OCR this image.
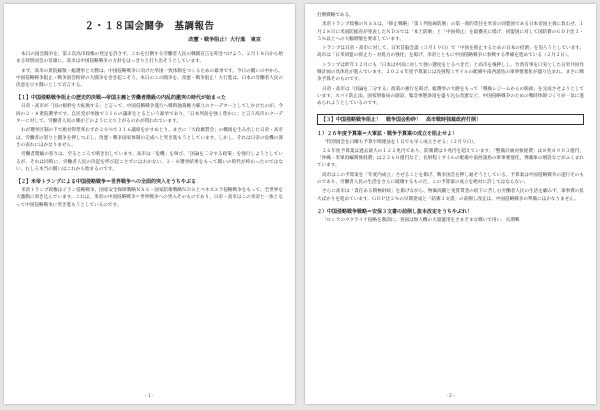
２・１８国会闘争　基調報告
改憲・戦争阻止！大行進　東京

本日の国会闘争を、第２次高市政権の発足を許さず、これを打倒する労働者人民の戦闘宣言を叩きつけよう。２月１８日から始まる特別国会の冒頭に、高市は中国侵略戦争の方針をはっきりと打ち出そうとしています。

まず、高市の衆院解散・総選挙と大勝は、中国侵略戦争に向けた挙国一致体制をつくるための暴挙です。今日の闘いの中から、中国侵略戦争阻止・戦争国会粉砕の大闘争を巻き起こそう。本日のこの闘争を、改憲・戦争阻止！大行進は、日本の労働者人民の決意を示す闘いとして宣言する。

【１】中国侵略戦争阻止の歴史的決戦―帝国主義と労働者階級の内乱的激突の時代が始まった

日帝・高市が「国の根幹を大転換する」と言って、中国侵略戦争遂行へ戦時独裁権力確立のクーデターとしてしかけたのが、今回の２・８衆院選挙です。自民党が単独で３１６の議席をとるという暴挙であり、「日本列島を強く豊かに」と言う高市のクーデターに対して、労働者人民の側がどのように立ち上がるのかが問われています。

わが選挙区制の下で絶対得票率わずか２０％で３１６議席をかすめとり、まさに「大政翼賛会」の構図を生み出した日帝・高市は、労働者の怒りと闘争を押しつぶし、改憲・戦争国家体制の完成へと突き進もうとしています。しかし、それは日帝の危機の深さの表れにほかなりません。

労働者階級の怒りは、至るところで噴き出しています。高市は「危機」を叫び、「国論を二分する政策」を強行しようとしているが、それは同時に、労働者人民の決起を呼び起こさずにはおかない。２・８選挙結果をもって闘いの時代が終わったのではない。むしろ本当の闘いはこれから始まるのです。

【２】米帝トランプによる中国侵略戦争＝世界戦争への全面的突入をうちやぶる

米帝トランプ政権はイラン侵略戦争、国家安全保障戦略ＮＳＳ・国家防衛戦略ＮＤＳとベネズエラ侵略戦争をもって、全世界を大激動に叩き込んでいます。これは、米帝の中国侵略戦争＝世界戦争への突入そのものであり、日帝・高市はこの米帝と一体となって中国侵略戦争に突き進もうとしているのです。

- 1 -

打倒戦略である。

米帝トランプ政権のＮＳＳは、「抑止戦略」「第１列島線防衛」の第一義的責任を米帝の同盟国である日本帝国主義に負わせ、１月２８日に米国防総省が発表したＮＤＳでは「本土防衛」と「中国抑止」を最優先に掲げ、同盟国に対して国防費のＧＤＰ比３・５％以上への大幅増額を要求しています。

トランプは日帝・高市に対して、日米首脳会談（３月１９日）で「中国を抑止するための日本の役割」を迫ろうとしています。高市は「日米同盟の抑止力・対処力の強化」を掲げ、米帝とともに中国侵略戦争に参戦する準備を進めている（２月２日）。

トランプは昨年１２月にも「日本は中国に対して強い態度をとるべきだ」と高市を後押しし、台湾有事を口実とした日米共同作戦計画の具体化が進んでいます。２０２６年度予算案には長射程ミサイルの配備や南西諸島の軍事要塞化が盛り込まれ、まさに戦争予算そのものです。

日帝・高市は「国論を二分する」政策の強行を掲げ、総選挙の大勝をもって「戦後レジームからの脱却」を完成させようとしています。スパイ防止法、国家情報局の創設、緊急事態条項を盛り込む改憲など、中国侵略戦争のための戦時体制づくりが一気に進められようとしているのです。

【３】中国侵略戦争阻止！　戦争国会粉砕！　高市戦時独裁政府打倒！
１）２６年度予算案＝大軍拡・戦争予算案の成立を阻止せよ！

「特別国会を日曜も予算や関連法を１日でも早く成立させる」（２月９日）。

２６年度予算案は過去最大の１２２兆円であり、防衛費は９兆円を超えています。「整備計画対象経費」は８兆８９０３億円、「沖縄・米軍再編関係経費」は２２６０億円など、長射程ミサイルの配備や南西諸島の軍事要塞化、弾薬庫の増設などがふくまれています。

高市はこの予算案を「年度内成立」させることを掲げ、戦争国会を押し通そうとしている。予算案は中国侵略戦争の遂行そのものであり、労働者人民の生活をさらに破壊するものだ。この予算案の成立を絶対に許してはならない。

さらに高市は「責任ある積極財政」を掲げながら、物価高騰と実質賃金の低下に苦しむ労働者人民の生活を顧みず、軍事費の拡大ばかりを進めています。ＧＤＰ比２％の早期達成と「防衛３文書」の前倒し改定は、中国侵略戦争の準備にほかなりません。

２）中国侵略戦争戦略＝安保３文書の前倒し抜本改定をうちやぶれ！

「ロシアのウクライナ侵略を教訓に、各国は無人機の大量運用をさまざまな戦いで用い、長期戦

- 2 -
